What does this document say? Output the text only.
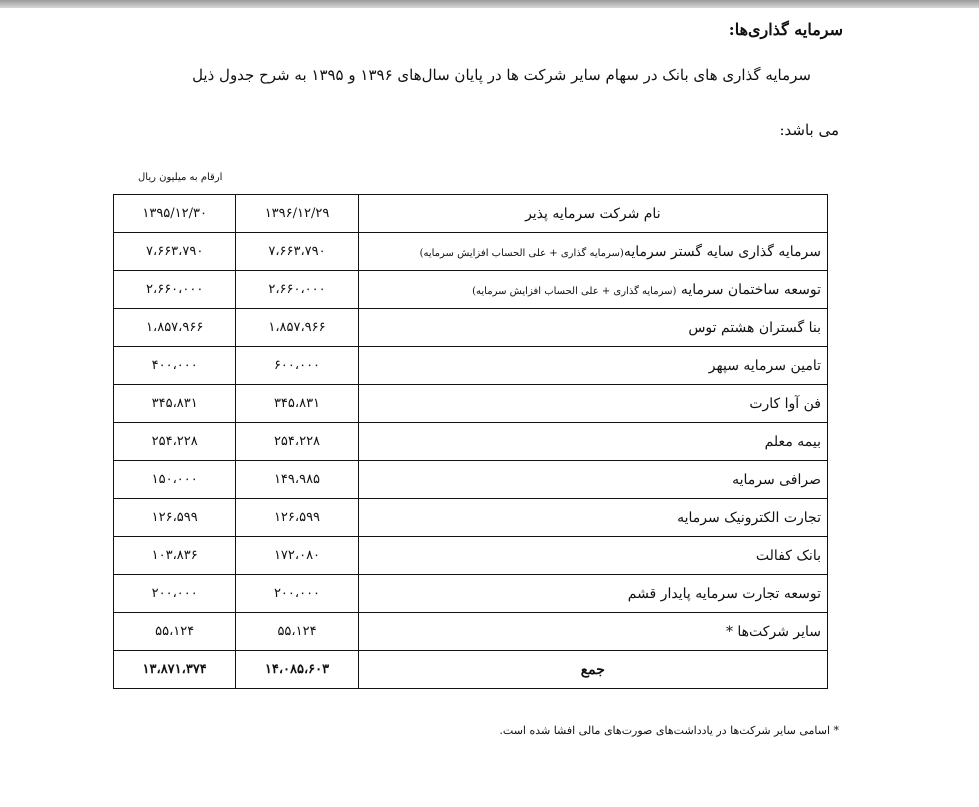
سرمایه گذاری‌ها:
سرمایه گذاری های بانک در سهام سایر شرکت ها در پایان سال‌های ۱۳۹۶ و ۱۳۹۵ به شرح جدول ذیل
می باشد:
ارقام به میلیون ریال
نام شرکت سرمایه پذیر	۱۳۹۶/۱۲/۲۹	۱۳۹۵/۱۲/۳۰
سرمایه گذاری سایه گستر سرمایه(سرمایه گذاری + علی الحساب افزایش سرمایه)	۷،۶۶۳،۷۹۰	۷،۶۶۳،۷۹۰
توسعه ساختمان سرمایه (سرمایه گذاری + علی الحساب افزایش سرمایه)	۲،۶۶۰،۰۰۰	۲،۶۶۰،۰۰۰
بنا گستران هشتم توس	۱،۸۵۷،۹۶۶	۱،۸۵۷،۹۶۶
تامین سرمایه سپهر	۶۰۰،۰۰۰	۴۰۰،۰۰۰
فن آوا کارت	۳۴۵،۸۳۱	۳۴۵،۸۳۱
بیمه معلم	۲۵۴،۲۲۸	۲۵۴،۲۲۸
صرافی سرمایه	۱۴۹،۹۸۵	۱۵۰،۰۰۰
تجارت الکترونیک سرمایه	۱۲۶،۵۹۹	۱۲۶،۵۹۹
بانک کفالت	۱۷۲،۰۸۰	۱۰۳،۸۳۶
توسعه تجارت سرمایه پایدار قشم	۲۰۰،۰۰۰	۲۰۰،۰۰۰
سایر شرکت‌ها *	۵۵،۱۲۴	۵۵،۱۲۴
جمع	۱۴،۰۸۵،۶۰۳	۱۳،۸۷۱،۳۷۴
* اسامی سایر شرکت‌ها در یادداشت‌های صورت‌های مالی افشا شده است.
